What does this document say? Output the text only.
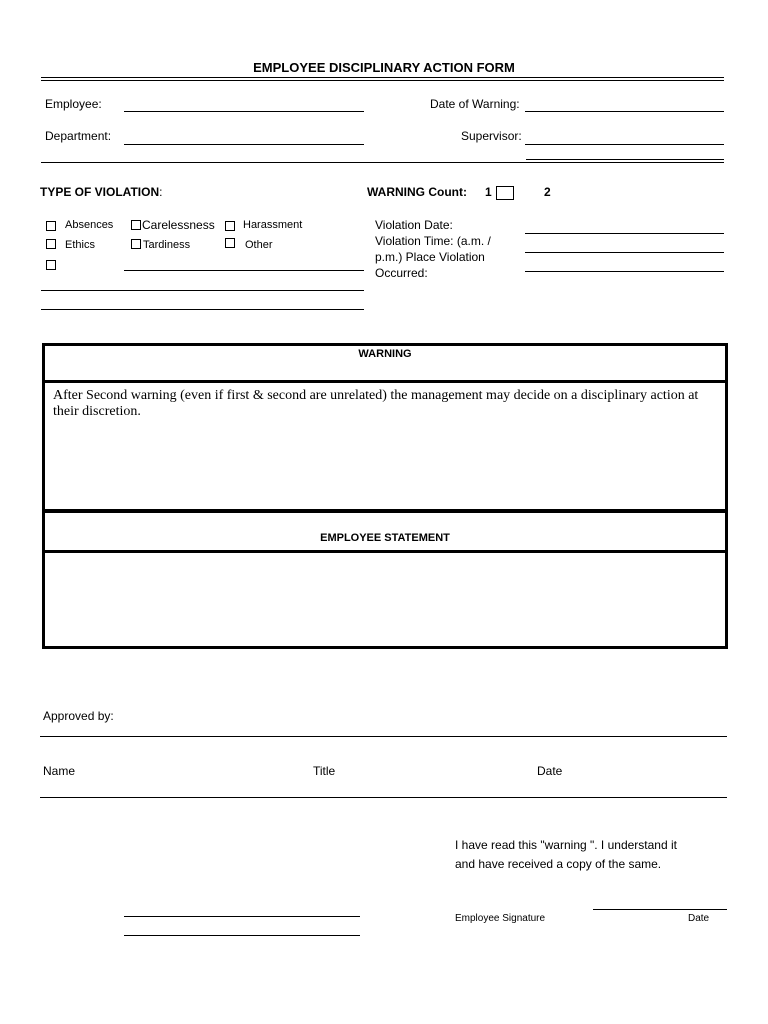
EMPLOYEE DISCIPLINARY ACTION FORM
Employee:	Date of Warning:
Department:	Supervisor:
TYPE OF VIOLATION:	WARNING Count: 1	2
Absences Carelessness	Harassment
Ethics	Tardiness	Other
Violation Date:
Violation Time: (a.m. /
p.m.) Place Violation
Occurred:
WARNING
After Second warning (even if first & second are unrelated) the management may decide on a disciplinary action at their discretion.
EMPLOYEE STATEMENT
Approved by:
Name	Title	Date
I have read this "warning ". I understand it
and have received a copy of the same.
Employee Signature	Date
